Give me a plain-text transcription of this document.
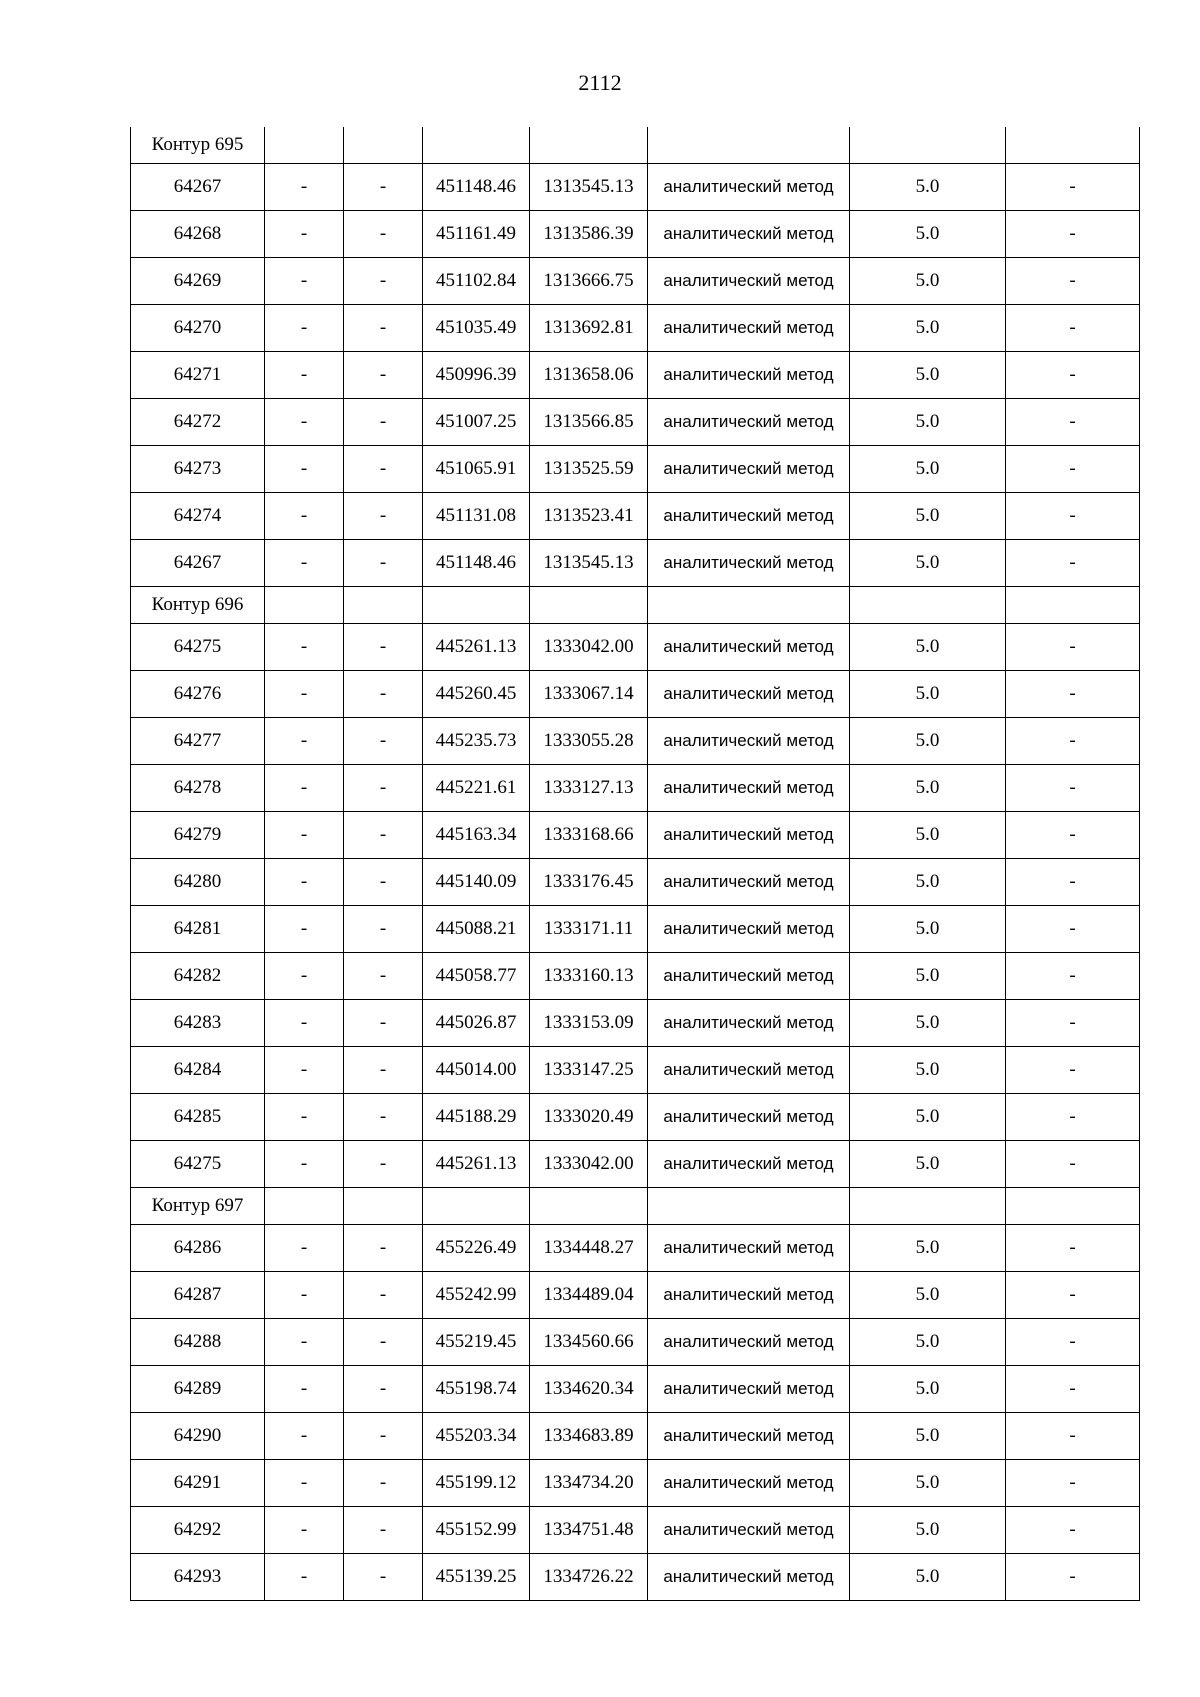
2112
Контур 695							
64267	-	-	451148.46	1313545.13	аналитический метод	5.0	-
64268	-	-	451161.49	1313586.39	аналитический метод	5.0	-
64269	-	-	451102.84	1313666.75	аналитический метод	5.0	-
64270	-	-	451035.49	1313692.81	аналитический метод	5.0	-
64271	-	-	450996.39	1313658.06	аналитический метод	5.0	-
64272	-	-	451007.25	1313566.85	аналитический метод	5.0	-
64273	-	-	451065.91	1313525.59	аналитический метод	5.0	-
64274	-	-	451131.08	1313523.41	аналитический метод	5.0	-
64267	-	-	451148.46	1313545.13	аналитический метод	5.0	-
Контур 696							
64275	-	-	445261.13	1333042.00	аналитический метод	5.0	-
64276	-	-	445260.45	1333067.14	аналитический метод	5.0	-
64277	-	-	445235.73	1333055.28	аналитический метод	5.0	-
64278	-	-	445221.61	1333127.13	аналитический метод	5.0	-
64279	-	-	445163.34	1333168.66	аналитический метод	5.0	-
64280	-	-	445140.09	1333176.45	аналитический метод	5.0	-
64281	-	-	445088.21	1333171.11	аналитический метод	5.0	-
64282	-	-	445058.77	1333160.13	аналитический метод	5.0	-
64283	-	-	445026.87	1333153.09	аналитический метод	5.0	-
64284	-	-	445014.00	1333147.25	аналитический метод	5.0	-
64285	-	-	445188.29	1333020.49	аналитический метод	5.0	-
64275	-	-	445261.13	1333042.00	аналитический метод	5.0	-
Контур 697							
64286	-	-	455226.49	1334448.27	аналитический метод	5.0	-
64287	-	-	455242.99	1334489.04	аналитический метод	5.0	-
64288	-	-	455219.45	1334560.66	аналитический метод	5.0	-
64289	-	-	455198.74	1334620.34	аналитический метод	5.0	-
64290	-	-	455203.34	1334683.89	аналитический метод	5.0	-
64291	-	-	455199.12	1334734.20	аналитический метод	5.0	-
64292	-	-	455152.99	1334751.48	аналитический метод	5.0	-
64293	-	-	455139.25	1334726.22	аналитический метод	5.0	-
